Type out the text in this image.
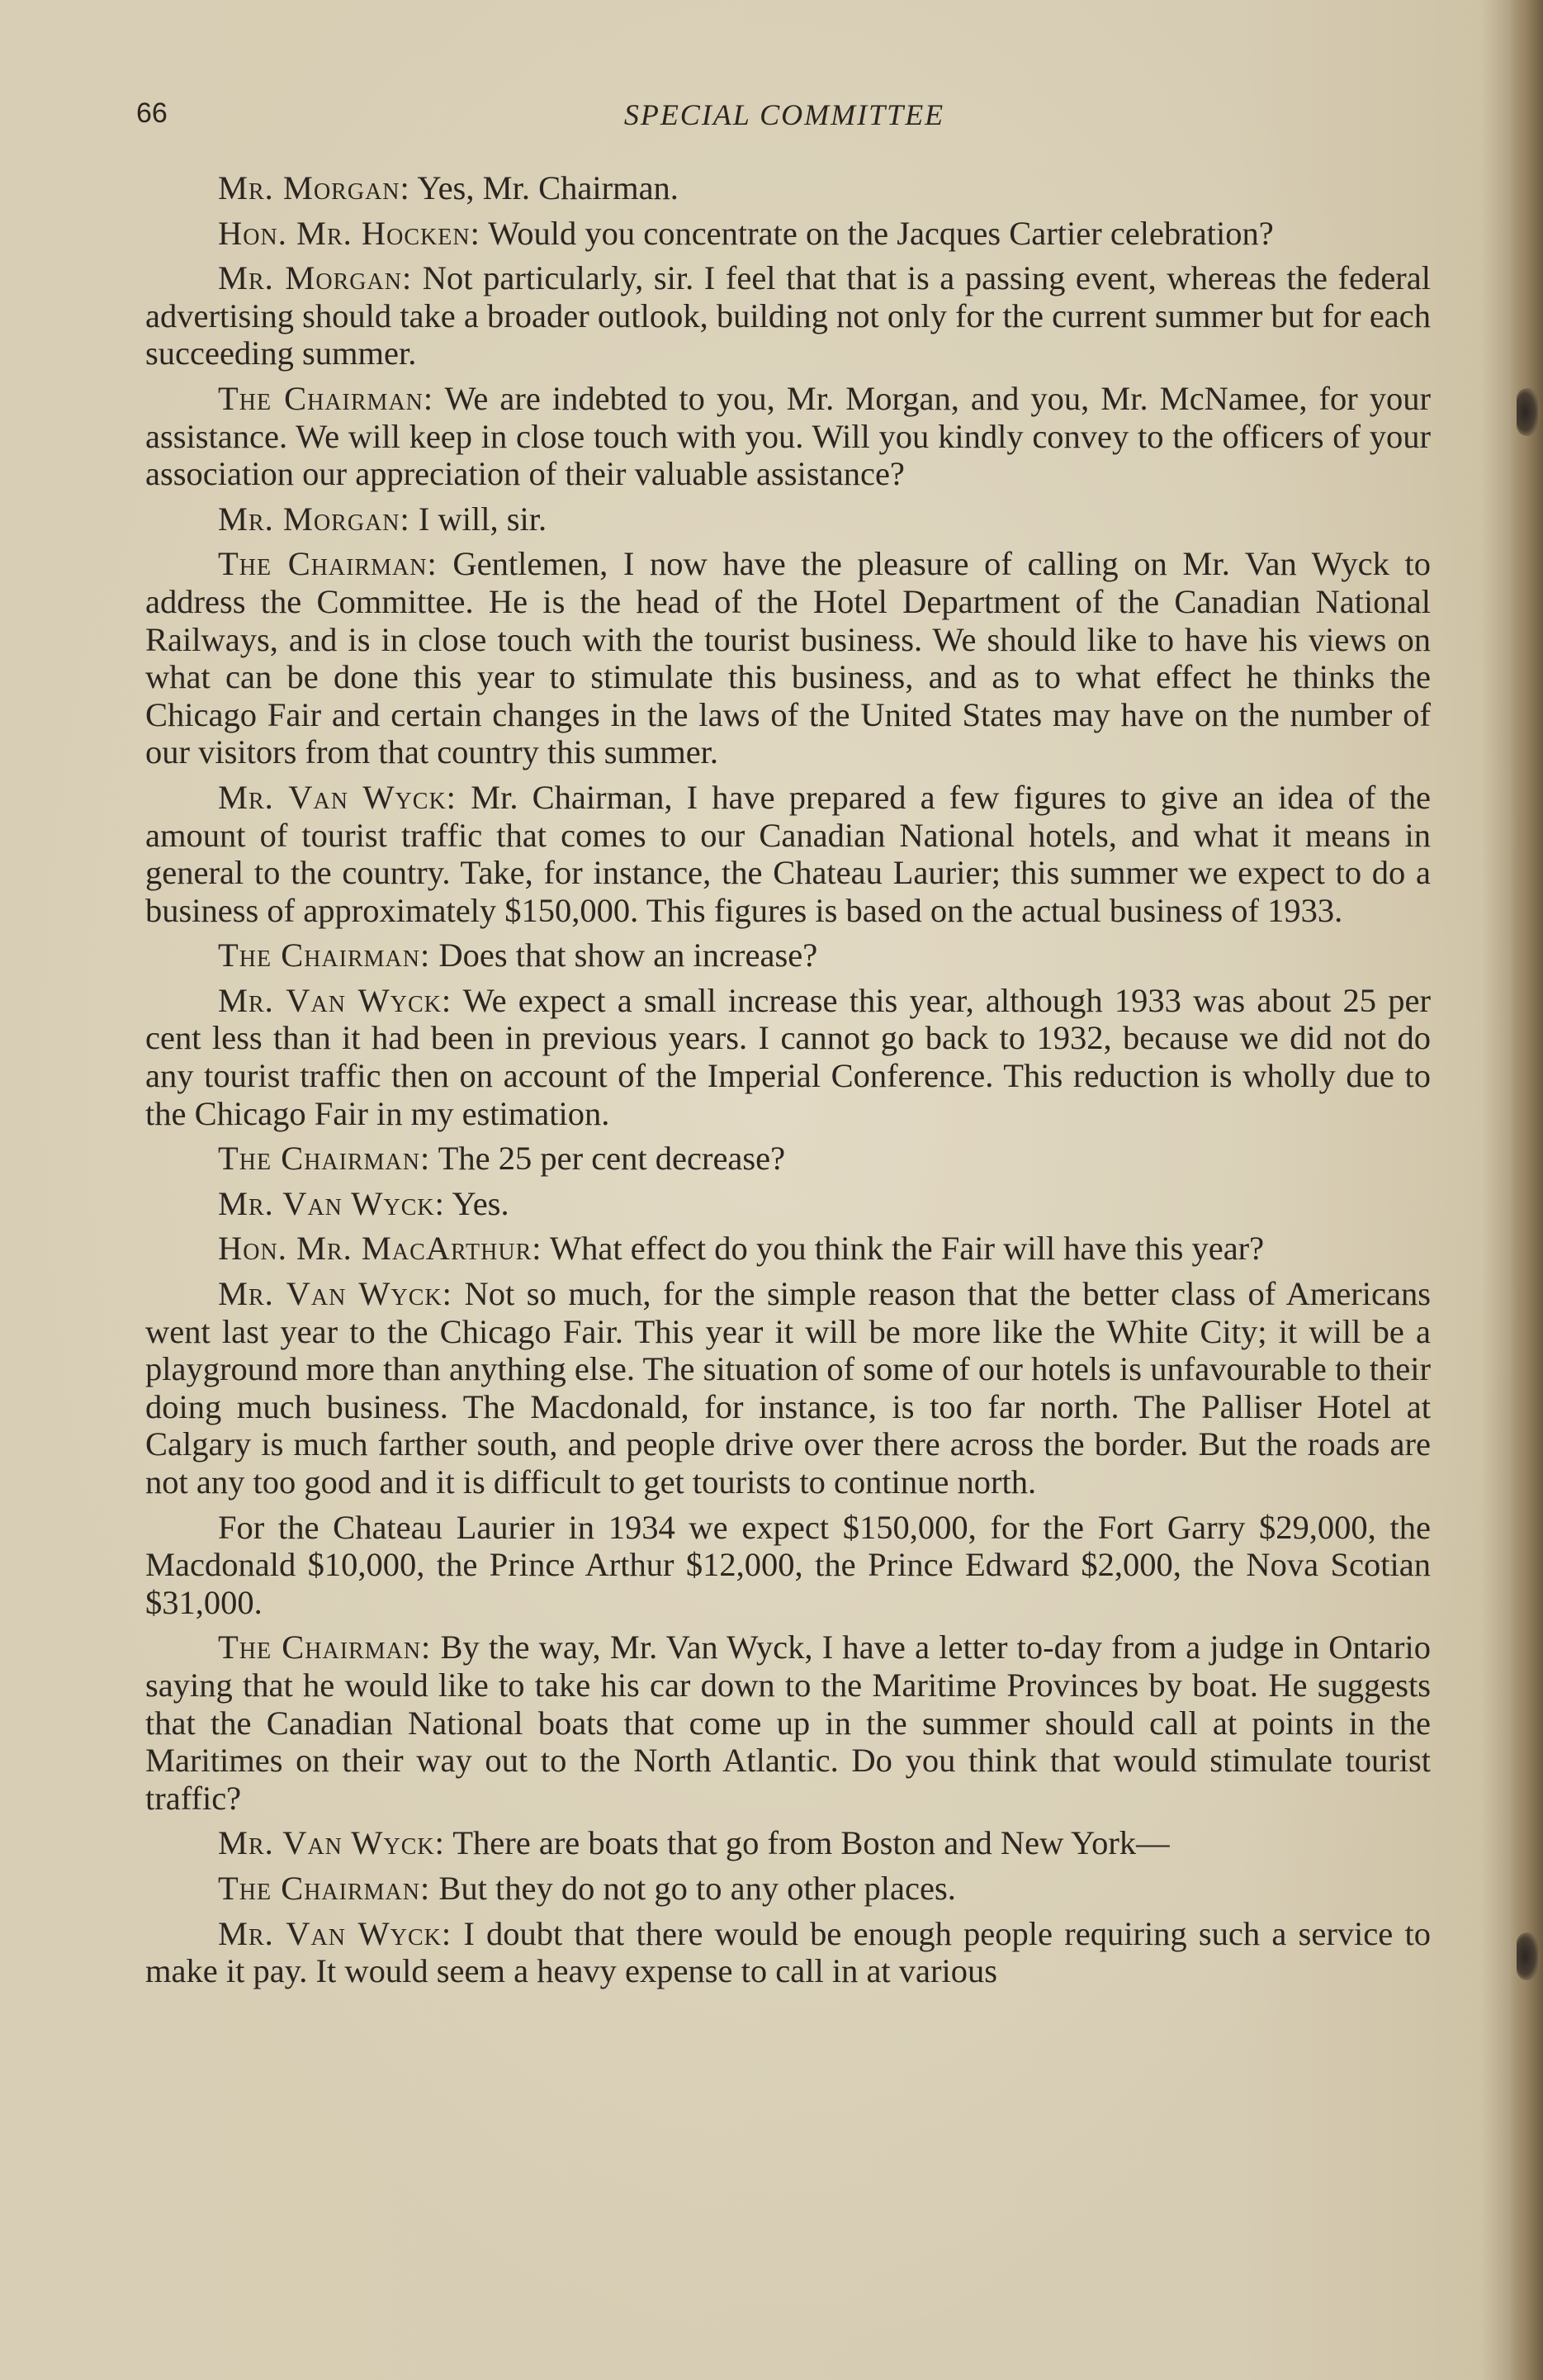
66	SPECIAL COMMITTEE

Mr. Morgan: Yes, Mr. Chairman.

Hon. Mr. Hocken: Would you concentrate on the Jacques Cartier celebration?

Mr. Morgan: Not particularly, sir. I feel that that is a passing event, whereas the federal advertising should take a broader outlook, building not only for the current summer but for each succeeding summer.

The Chairman: We are indebted to you, Mr. Morgan, and you, Mr. McNamee, for your assistance. We will keep in close touch with you. Will you kindly convey to the officers of your association our appreciation of their valuable assistance?

Mr. Morgan: I will, sir.

The Chairman: Gentlemen, I now have the pleasure of calling on Mr. Van Wyck to address the Committee. He is the head of the Hotel Department of the Canadian National Railways, and is in close touch with the tourist business. We should like to have his views on what can be done this year to stimulate this business, and as to what effect he thinks the Chicago Fair and certain changes in the laws of the United States may have on the number of our visitors from that country this summer.

Mr. Van Wyck: Mr. Chairman, I have prepared a few figures to give an idea of the amount of tourist traffic that comes to our Canadian National hotels, and what it means in general to the country. Take, for instance, the Chateau Laurier; this summer we expect to do a business of approximately $150,000. This figures is based on the actual business of 1933.

The Chairman: Does that show an increase?

Mr. Van Wyck: We expect a small increase this year, although 1933 was about 25 per cent less than it had been in previous years. I cannot go back to 1932, because we did not do any tourist traffic then on account of the Imperial Conference. This reduction is wholly due to the Chicago Fair in my estimation.

The Chairman: The 25 per cent decrease?

Mr. Van Wyck: Yes.

Hon. Mr. MacArthur: What effect do you think the Fair will have this year?

Mr. Van Wyck: Not so much, for the simple reason that the better class of Americans went last year to the Chicago Fair. This year it will be more like the White City; it will be a playground more than anything else. The situation of some of our hotels is unfavourable to their doing much business. The Macdonald, for instance, is too far north. The Palliser Hotel at Calgary is much farther south, and people drive over there across the border. But the roads are not any too good and it is difficult to get tourists to continue north.

For the Chateau Laurier in 1934 we expect $150,000, for the Fort Garry $29,000, the Macdonald $10,000, the Prince Arthur $12,000, the Prince Edward $2,000, the Nova Scotian $31,000.

The Chairman: By the way, Mr. Van Wyck, I have a letter to-day from a judge in Ontario saying that he would like to take his car down to the Maritime Provinces by boat. He suggests that the Canadian National boats that come up in the summer should call at points in the Maritimes on their way out to the North Atlantic. Do you think that would stimulate tourist traffic?

Mr. Van Wyck: There are boats that go from Boston and New York—

The Chairman: But they do not go to any other places.

Mr. Van Wyck: I doubt that there would be enough people requiring such a service to make it pay. It would seem a heavy expense to call in at various
